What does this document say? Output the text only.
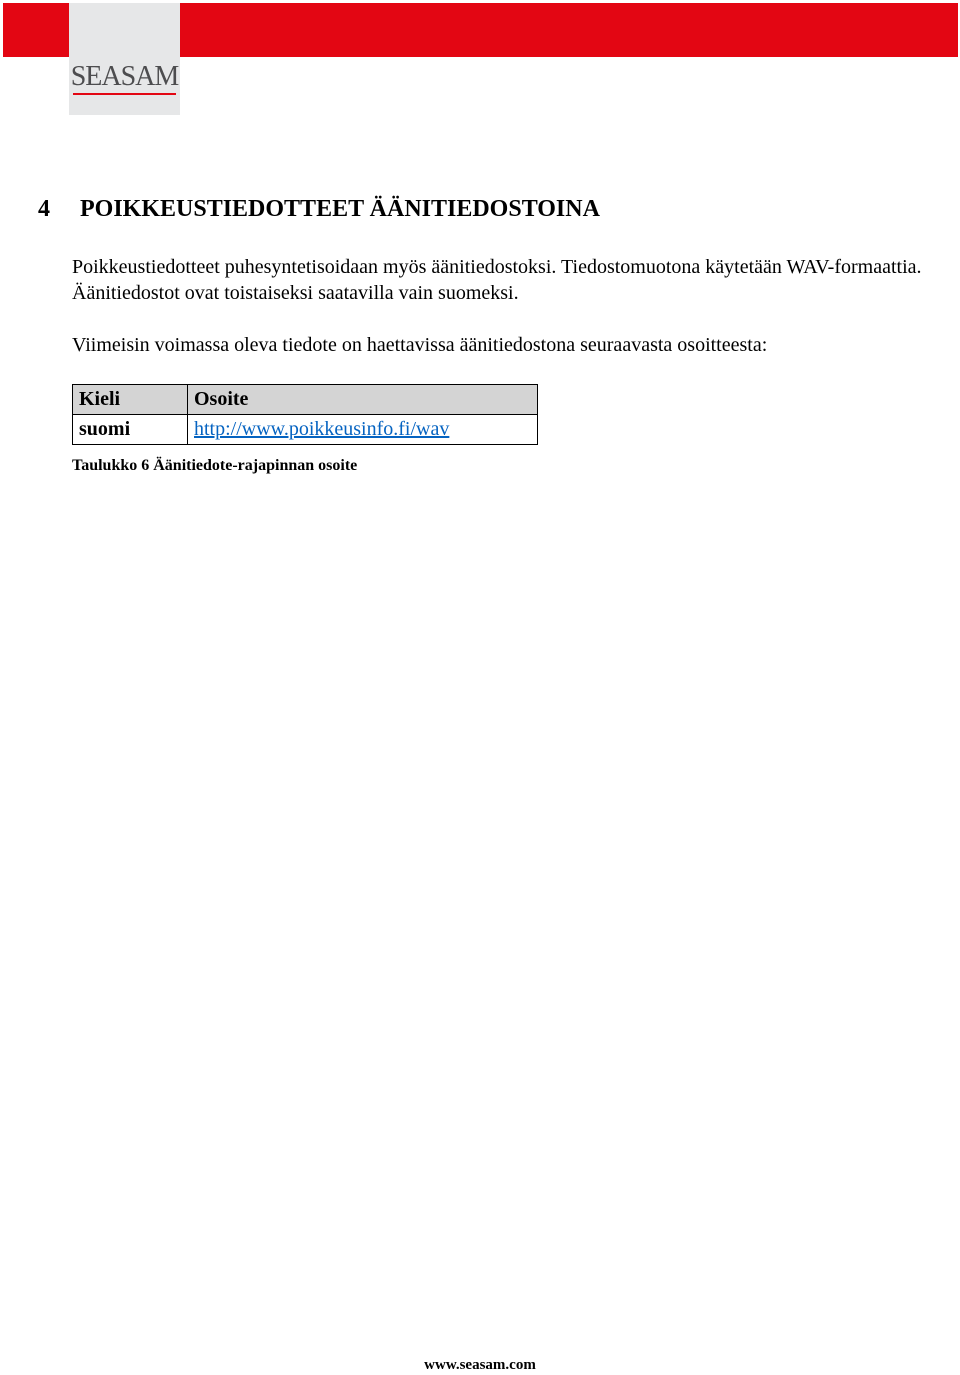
SEASAM
4 POIKKEUSTIEDOTTEET ÄÄNITIEDOSTOINA

Poikkeustiedotteet puhesyntetisoidaan myös äänitiedostoksi. Tiedostomuotona käytetään WAV-formaattia. Äänitiedostot ovat toistaiseksi saatavilla vain suomeksi.

Viimeisin voimassa oleva tiedote on haettavissa äänitiedostona seuraavasta osoitteesta:

Kieli	Osoite
suomi	http://www.poikkeusinfo.fi/wav

Taulukko 6 Äänitiedote-rajapinnan osoite

www.seasam.com
